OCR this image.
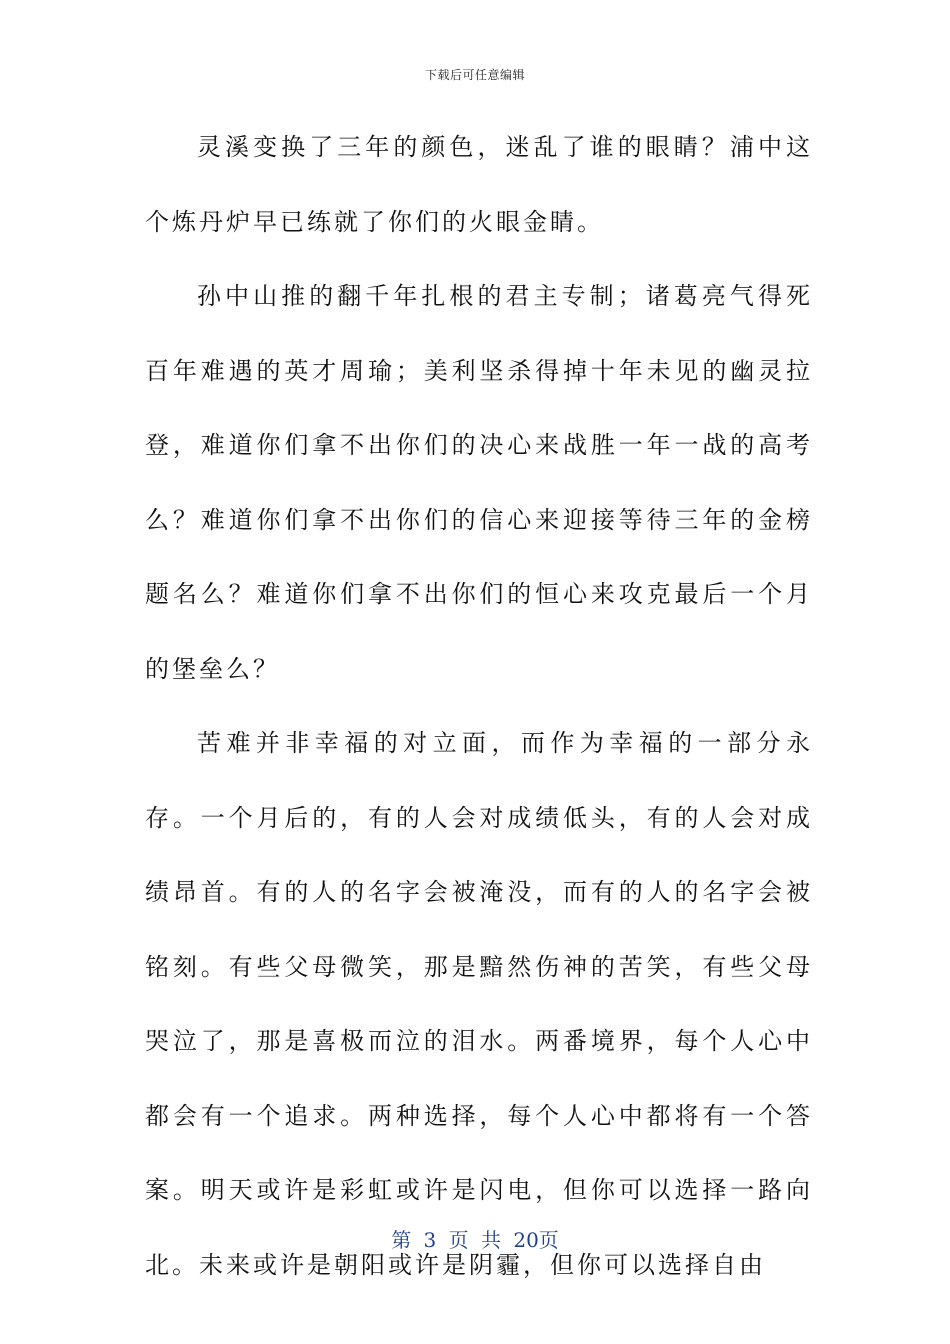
下载后可任意编辑

灵溪变换了三年的颜色，迷乱了谁的眼睛？浦中这个炼丹炉早已练就了你们的火眼金睛。

孙中山推的翻千年扎根的君主专制；诸葛亮气得死百年难遇的英才周瑜；美利坚杀得掉十年未见的幽灵拉登，难道你们拿不出你们的决心来战胜一年一战的高考么？难道你们拿不出你们的信心来迎接等待三年的金榜题名么？难道你们拿不出你们的恒心来攻克最后一个月的堡垒么？

苦难并非幸福的对立面，而作为幸福的一部分永存。一个月后的，有的人会对成绩低头，有的人会对成绩昂首。有的人的名字会被淹没，而有的人的名字会被铭刻。有些父母微笑，那是黯然伤神的苦笑，有些父母哭泣了，那是喜极而泣的泪水。两番境界，每个人心中都会有一个追求。两种选择，每个人心中都将有一个答案。明天或许是彩虹或许是闪电，但你可以选择一路向北。未来或许是朝阳或许是阴霾，但你可以选择自由

第 3 页 共 20页
